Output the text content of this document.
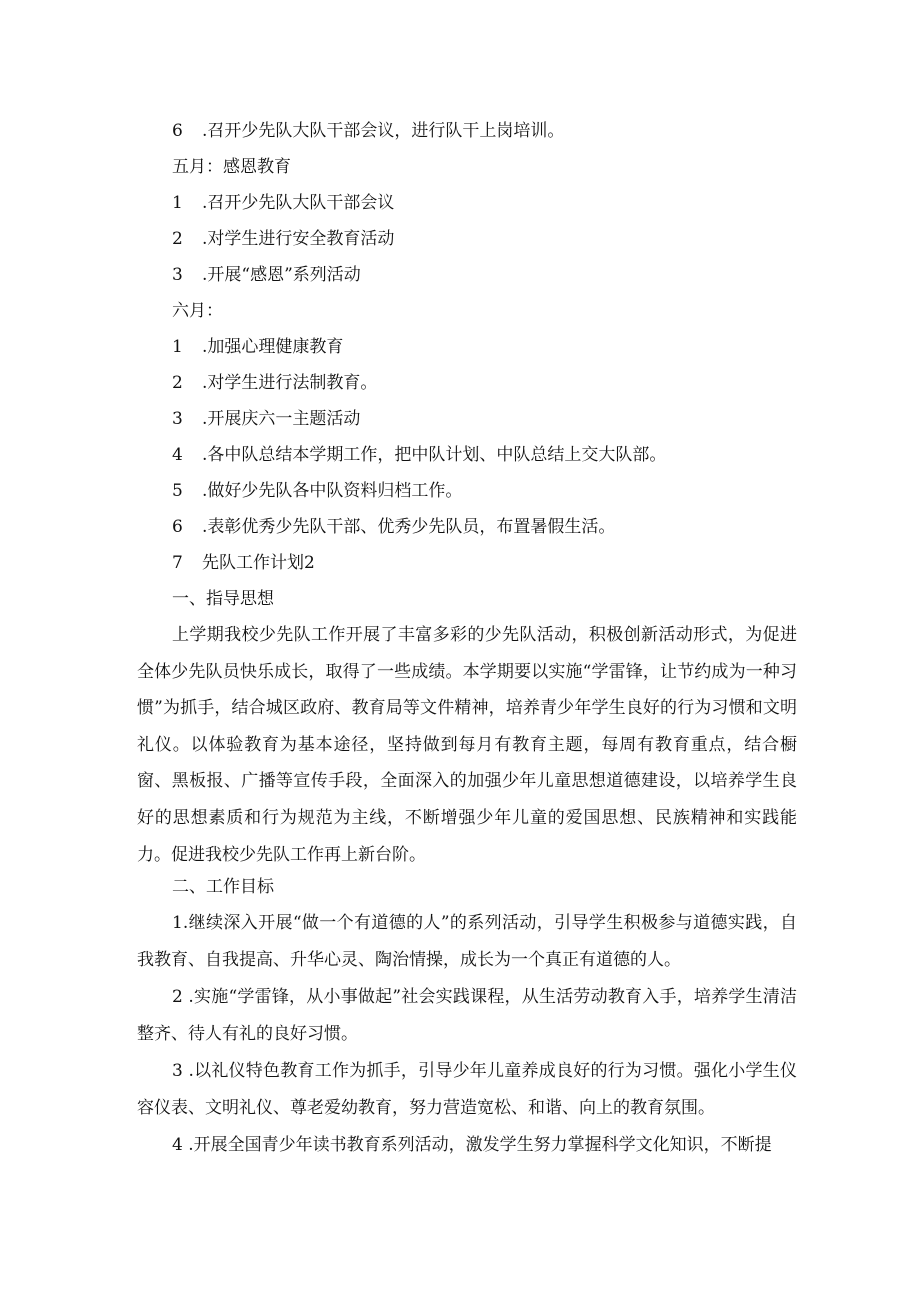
6 .召开少先队大队干部会议，进行队干上岗培训。
五月：感恩教育
1 .召开少先队大队干部会议
2 .对学生进行安全教育活动
3 .开展“感恩”系列活动
六月：
1 .加强心理健康教育
2 .对学生进行法制教育。
3 .开展庆六一主题活动
4 .各中队总结本学期工作，把中队计划、中队总结上交大队部。
5 .做好少先队各中队资料归档工作。
6 .表彰优秀少先队干部、优秀少先队员，布置暑假生活。
7 先队工作计划2
一、指导思想
上学期我校少先队工作开展了丰富多彩的少先队活动，积极创新活动形式，为促进全体少先队员快乐成长，取得了一些成绩。本学期要以实施“学雷锋，让节约成为一种习惯”为抓手，结合城区政府、教育局等文件精神，培养青少年学生良好的行为习惯和文明礼仪。以体验教育为基本途径，坚持做到每月有教育主题，每周有教育重点，结合橱窗、黑板报、广播等宣传手段，全面深入的加强少年儿童思想道德建设，以培养学生良好的思想素质和行为规范为主线，不断增强少年儿童的爱国思想、民族精神和实践能力。促进我校少先队工作再上新台阶。
二、工作目标
1.继续深入开展“做一个有道德的人”的系列活动，引导学生积极参与道德实践，自我教育、自我提高、升华心灵、陶治情操，成长为一个真正有道德的人。
2 .实施“学雷锋，从小事做起”社会实践课程，从生活劳动教育入手，培养学生清洁整齐、待人有礼的良好习惯。
3 .以礼仪特色教育工作为抓手，引导少年儿童养成良好的行为习惯。强化小学生仪容仪表、文明礼仪、尊老爱幼教育，努力营造宽松、和谐、向上的教育氛围。
4 .开展全国青少年读书教育系列活动，激发学生努力掌握科学文化知识，不断提
